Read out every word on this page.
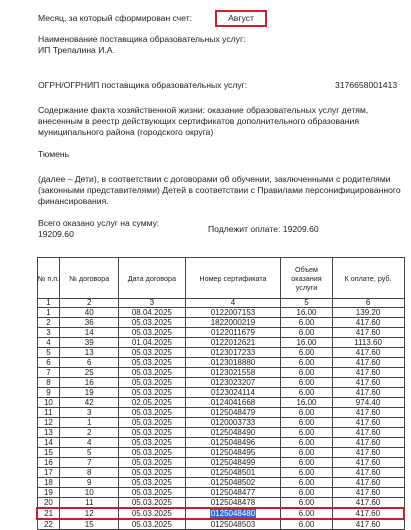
Месяц, за который сформирован счет:	Август
Наименование поставщика образовательных услуг:
ИП Трепалина И.А.
ОГРН/ОГРНИП поставщика образовательных услуг:	3176658001413
Содержание факта хозяйственной жизни: оказание образовательных услуг детям, внесенным в реестр действующих сертификатов дополнительного образования муниципального района (городского округа)
Тюмень
(далее – Дети), в соответствии с договорами об обучении, заключенными с родителями (законными представителями) Детей в соответствии с Правилами персонифицированного финансирования.
Всего оказано услуг на сумму:
19209.60	Подлежит оплате: 19209.60
№ п.п.	№ договора	Дата договора	Номер сертификата	Объем оказания услуги	К оплате, руб.
1	2	3	4	5	6
1	40	08.04.2025	0122007153	16.00	139.20
2	36	05.03.2025	1822000219	6.00	417.60
3	14	05.03.2025	0122011679	6.00	417.60
4	39	01.04.2025	0122012621	16.00	1113.60
5	13	05.03.2025	0123017233	6.00	417.60
6	6	05.03.2025	0123018880	6.00	417.60
7	25	05.03.2025	0123021558	6.00	417.60
8	16	05.03.2025	0123023207	6.00	417.60
9	19	05.03.2025	0123024114	6.00	417.60
10	42	02.05.2025	0124041668	16.00	974.40
11	3	05.03.2025	0125048479	6.00	417.60
12	1	05.03.2025	0120003733	6.00	417.60
13	2	05.03.2025	0125048490	6.00	417.60
14	4	05.03.2025	0125048496	6.00	417.60
15	5	05.03.2025	0125048495	6.00	417.60
16	7	05.03.2025	0125048499	6.00	417.60
17	8	05.03.2025	0125048501	6.00	417.60
18	9	05.03.2025	0125048502	6.00	417.60
19	10	05.03.2025	0125048477	6.00	417.60
20	11	05.03.2025	0125048478	6.00	417.60
21	12	05.03.2025	0125048480	6.00	417.60
22	15	05.03.2025	0125048503	6.00	417.60
